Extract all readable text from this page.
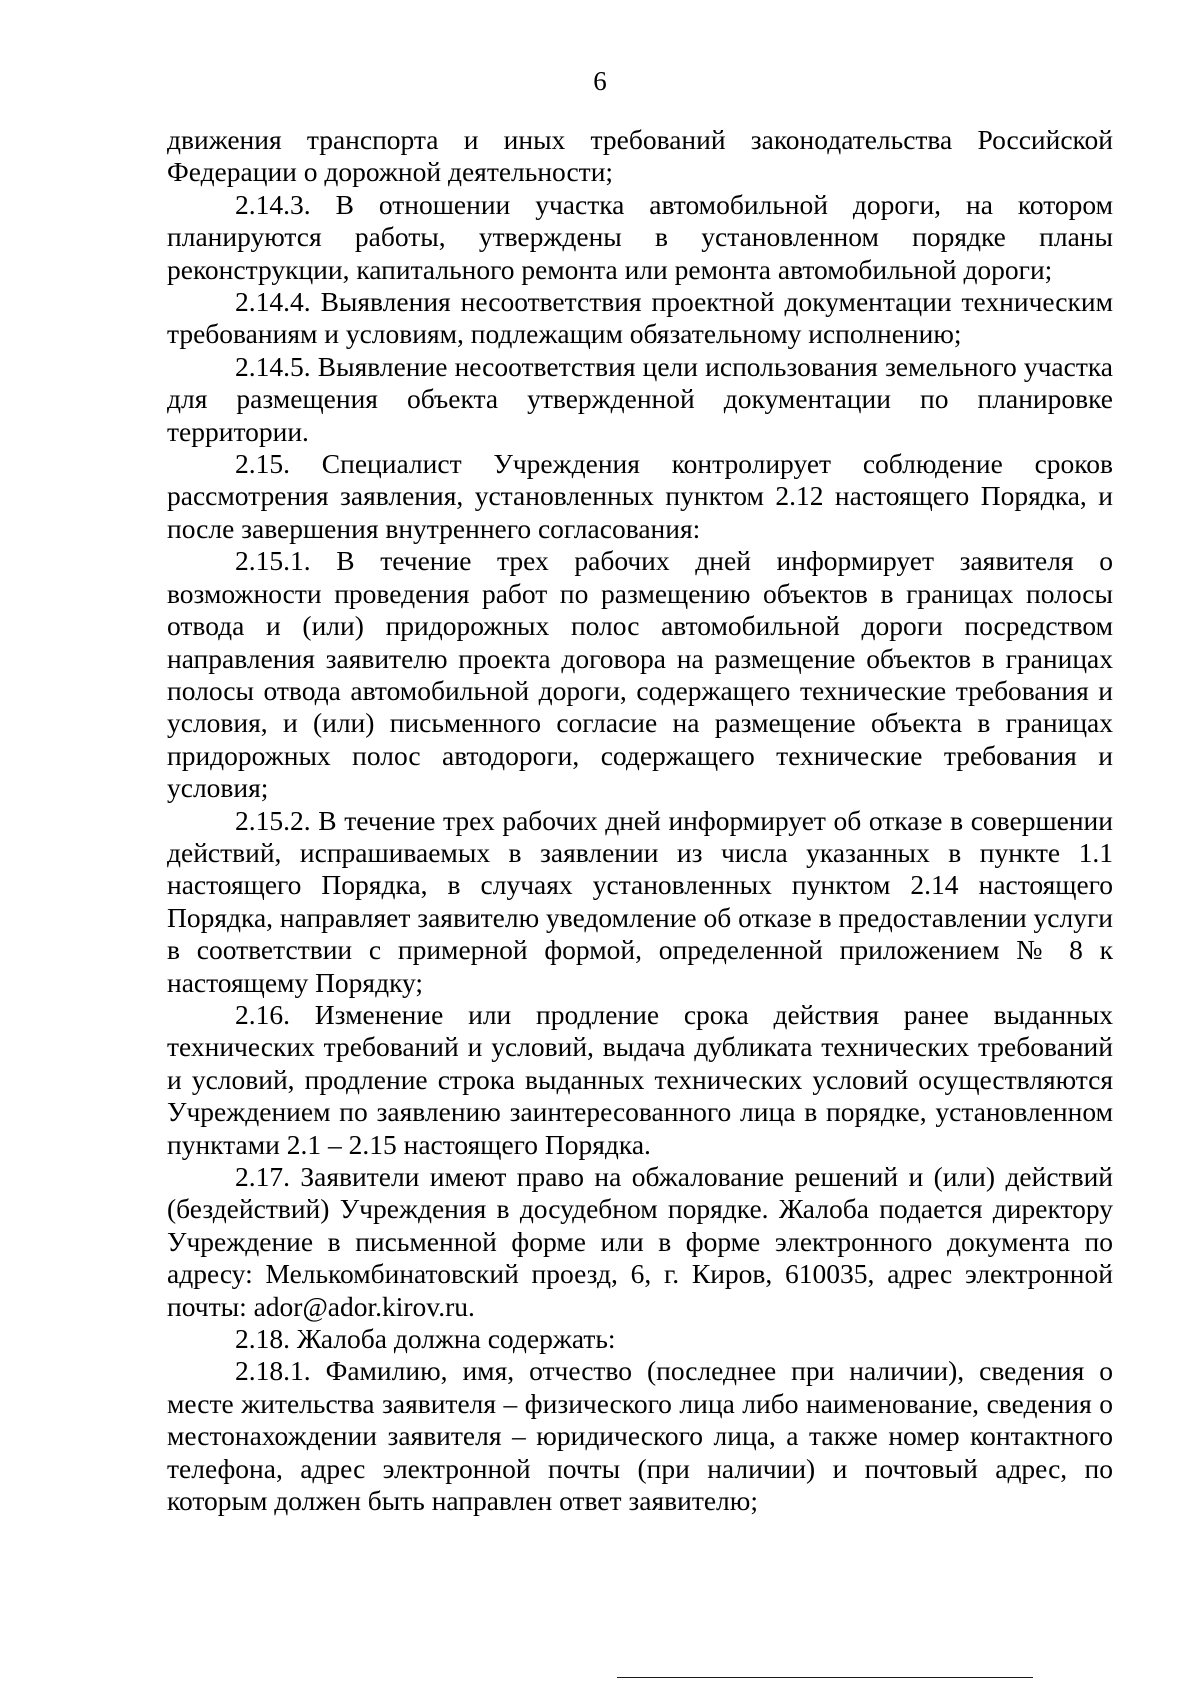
6

движения транспорта и иных требований законодательства Российской Федерации о дорожной деятельности;

2.14.3. В отношении участка автомобильной дороги, на котором планируются работы, утверждены в установленном порядке планы реконструкции, капитального ремонта или ремонта автомобильной дороги;

2.14.4. Выявления несоответствия проектной документации техническим требованиям и условиям, подлежащим обязательному исполнению;

2.14.5. Выявление несоответствия цели использования земельного участка для размещения объекта утвержденной документации по планировке территории.

2.15. Специалист Учреждения контролирует соблюдение сроков рассмотрения заявления, установленных пунктом 2.12 настоящего Порядка, и после завершения внутреннего согласования:

2.15.1. В течение трех рабочих дней информирует заявителя о возможности проведения работ по размещению объектов в границах полосы отвода и (или) придорожных полос автомобильной дороги посредством направления заявителю проекта договора на размещение объектов в границах полосы отвода автомобильной дороги, содержащего технические требования и условия, и (или) письменного согласие на размещение объекта в границах придорожных полос автодороги, содержащего технические требования и условия;

2.15.2. В течение трех рабочих дней информирует об отказе в совершении действий, испрашиваемых в заявлении из числа указанных в пункте 1.1 настоящего Порядка, в случаях установленных пунктом 2.14 настоящего Порядка, направляет заявителю уведомление об отказе в предоставлении услуги в соответствии с примерной формой, определенной приложением № 8 к настоящему Порядку;

2.16. Изменение или продление срока действия ранее выданных технических требований и условий, выдача дубликата технических требований и условий, продление строка выданных технических условий осуществляются Учреждением по заявлению заинтересованного лица в порядке, установленном пунктами 2.1 – 2.15 настоящего Порядка.

2.17. Заявители имеют право на обжалование решений и (или) действий (бездействий) Учреждения в досудебном порядке. Жалоба подается директору Учреждение в письменной форме или в форме электронного документа по адресу: Мелькомбинатовский проезд, 6, г. Киров, 610035, адрес электронной почты: ador@ador.kirov.ru.

2.18. Жалоба должна содержать:

2.18.1. Фамилию, имя, отчество (последнее при наличии), сведения о месте жительства заявителя – физического лица либо наименование, сведения о местонахождении заявителя – юридического лица, а также номер контактного телефона, адрес электронной почты (при наличии) и почтовый адрес, по которым должен быть направлен ответ заявителю;
